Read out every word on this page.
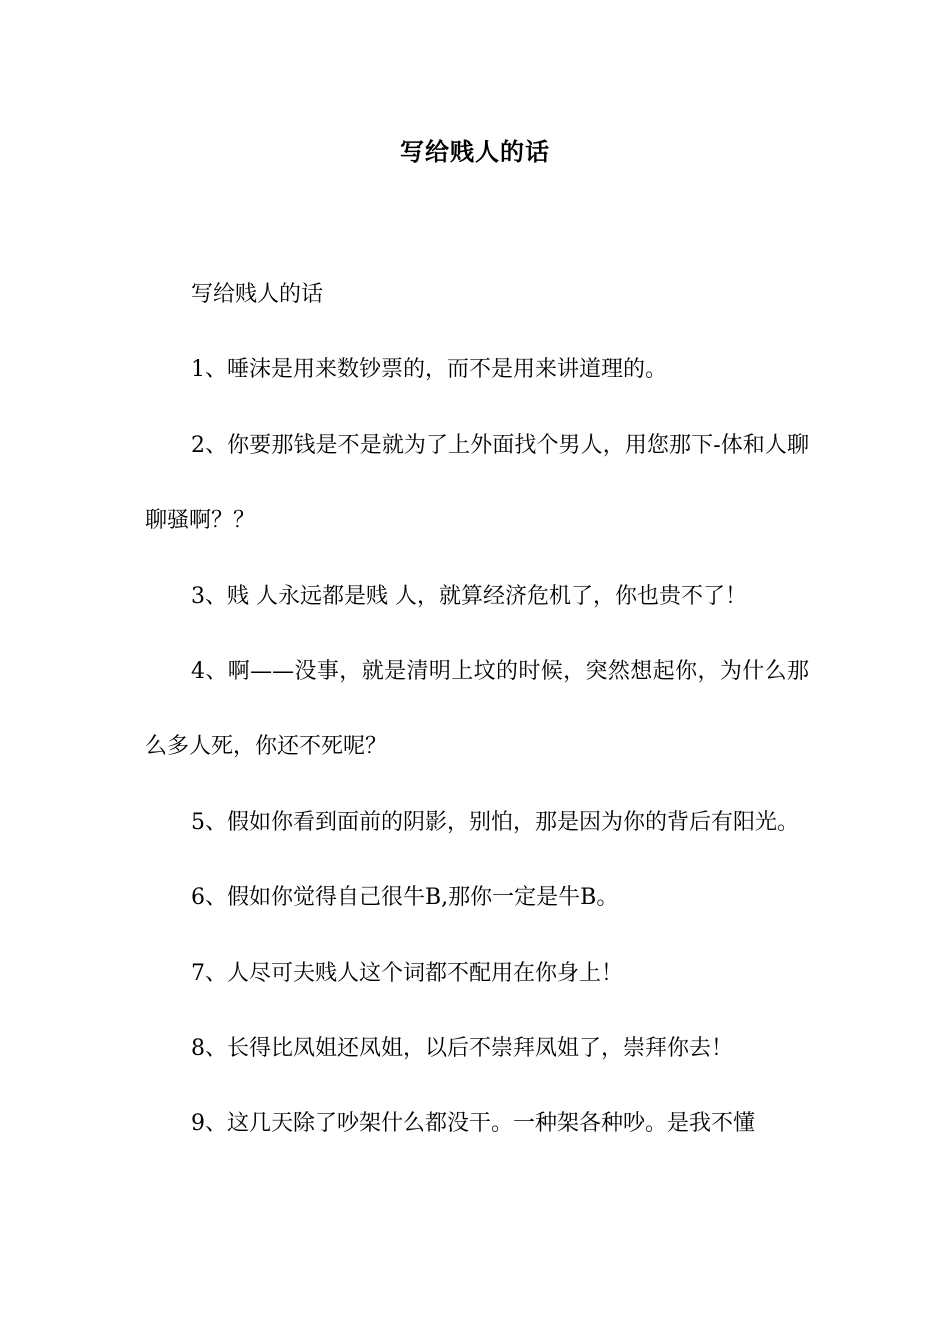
写给贱人的话

写给贱人的话

1、唾沫是用来数钞票的，而不是用来讲道理的。

2、你要那钱是不是就为了上外面找个男人，用您那下-体和人聊聊骚啊？？

3、贱 人永远都是贱 人，就算经济危机了，你也贵不了！

4、啊——没事，就是清明上坟的时候，突然想起你，为什么那么多人死，你还不死呢？

5、假如你看到面前的阴影，别怕，那是因为你的背后有阳光。

6、假如你觉得自己很牛B,那你一定是牛B。

7、人尽可夫贱人这个词都不配用在你身上！

8、长得比凤姐还凤姐，以后不崇拜凤姐了，崇拜你去！

9、这几天除了吵架什么都没干。一种架各种吵。是我不懂
